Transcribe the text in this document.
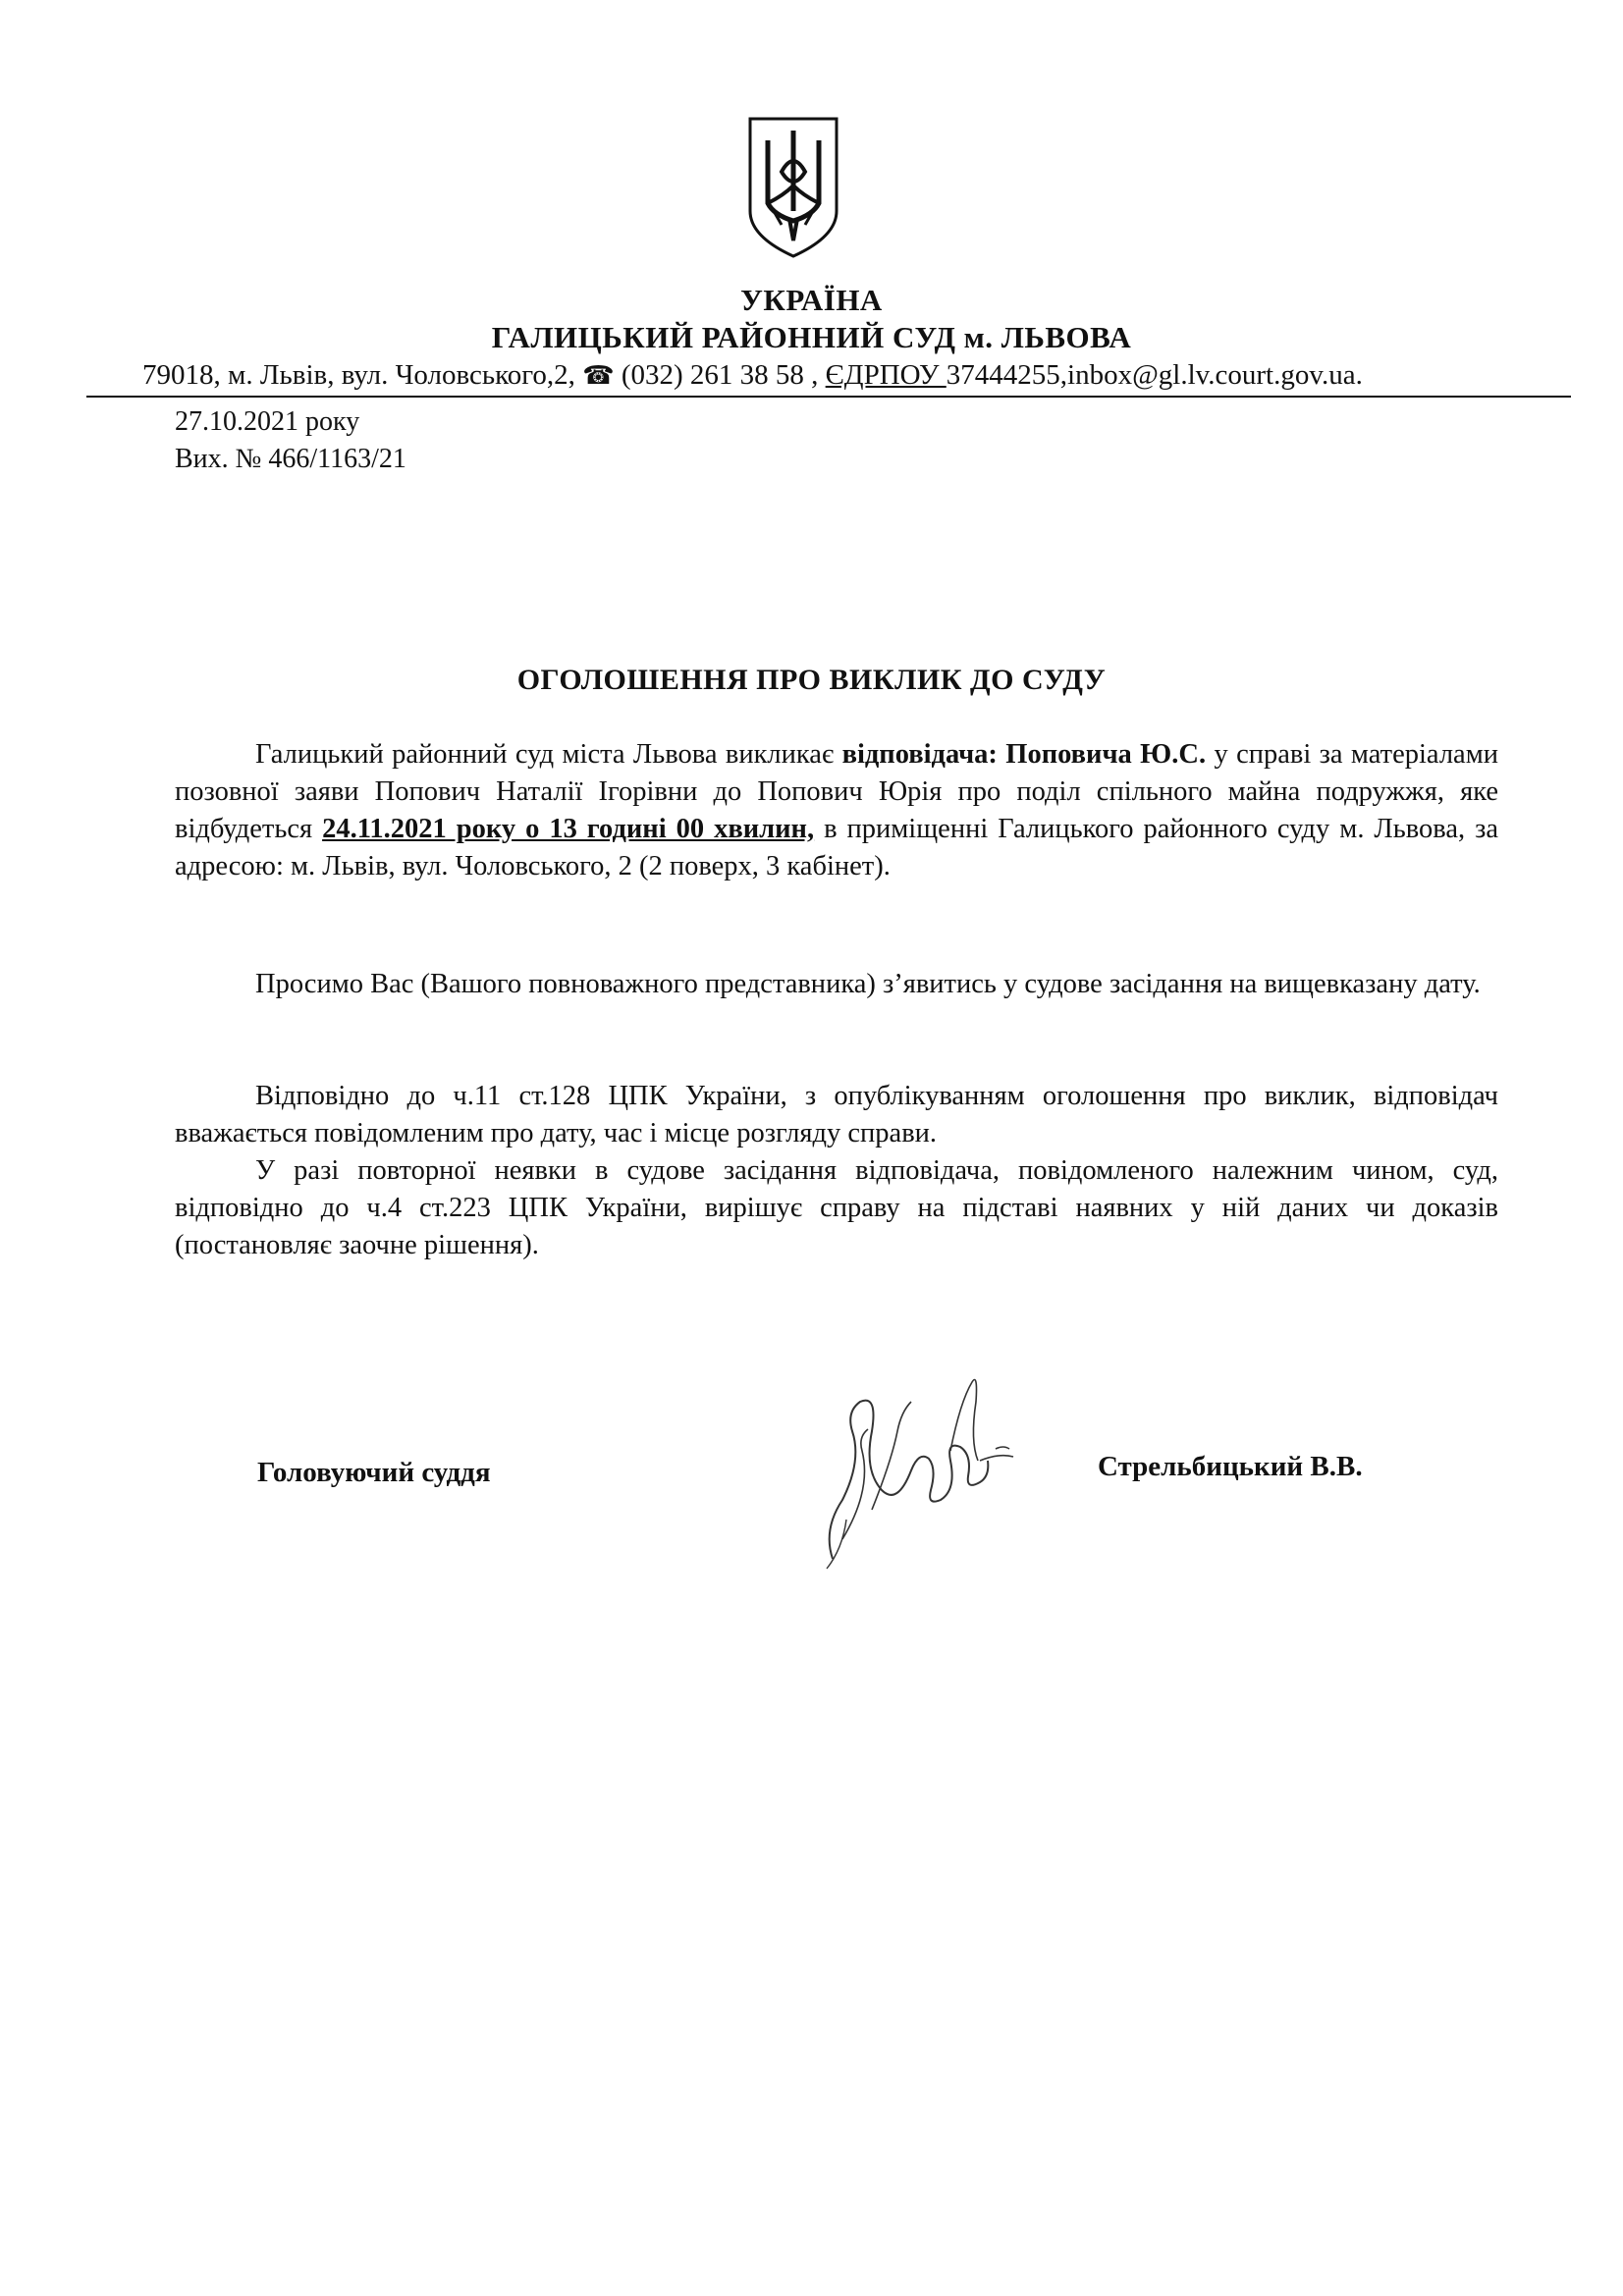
УКРАЇНА
ГАЛИЦЬКИЙ РАЙОННИЙ СУД м. ЛЬВОВА
79018, м. Львів, вул. Чоловського,2, ☎ (032) 261 38 58 , ЄДРПОУ 37444255,inbox@gl.lv.court.gov.ua.
27.10.2021 року
Вих. № 466/1163/21
ОГОЛОШЕННЯ ПРО ВИКЛИК ДО СУДУ
Галицький районний суд міста Львова викликає відповідача: Поповича Ю.С. у справі за матеріалами позовної заяви Попович Наталії Ігорівни до Попович Юрія про поділ спільного майна подружжя, яке відбудеться 24.11.2021 року о 13 годині 00 хвилин, в приміщенні Галицького районного суду м. Львова, за адресою: м. Львів, вул. Чоловського, 2 (2 поверх, 3 кабінет).
Просимо Вас (Вашого повноважного представника) з’явитись у судове засідання на вищевказану дату.
Відповідно до ч.11 ст.128 ЦПК України, з опублікуванням оголошення про виклик, відповідач вважається повідомленим про дату, час і місце розгляду справи.
У разі повторної неявки в судове засідання відповідача, повідомленого належним чином, суд, відповідно до ч.4 ст.223 ЦПК України, вирішує справу на підставі наявних у ній даних чи доказів (постановляє заочне рішення).
Головуючий суддя	Стрельбицький В.В.
